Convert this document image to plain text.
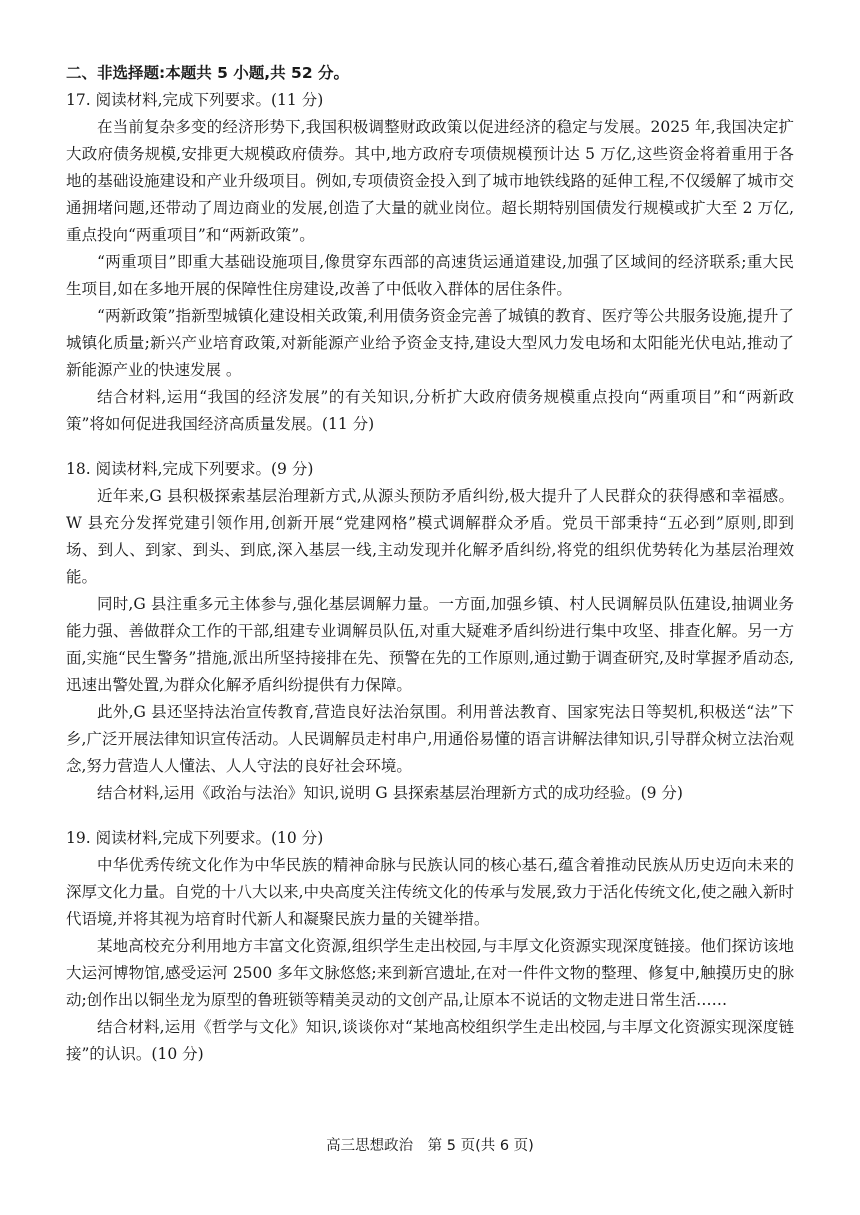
二、非选择题:本题共 5 小题,共 52 分。

17. 阅读材料,完成下列要求。(11 分)

在当前复杂多变的经济形势下,我国积极调整财政政策以促进经济的稳定与发展。2025 年,我国决定扩大政府债务规模,安排更大规模政府债券。其中,地方政府专项债规模预计达 5 万亿,这些资金将着重用于各地的基础设施建设和产业升级项目。例如,专项债资金投入到了城市地铁线路的延伸工程,不仅缓解了城市交通拥堵问题,还带动了周边商业的发展,创造了大量的就业岗位。超长期特别国债发行规模或扩大至 2 万亿,重点投向“两重项目”和“两新政策”。

“两重项目”即重大基础设施项目,像贯穿东西部的高速货运通道建设,加强了区域间的经济联系;重大民生项目,如在多地开展的保障性住房建设,改善了中低收入群体的居住条件。

“两新政策”指新型城镇化建设相关政策,利用债务资金完善了城镇的教育、医疗等公共服务设施,提升了城镇化质量;新兴产业培育政策,对新能源产业给予资金支持,建设大型风力发电场和太阳能光伏电站,推动了新能源产业的快速发展 。

结合材料,运用“我国的经济发展”的有关知识,分析扩大政府债务规模重点投向“两重项目”和“两新政策”将如何促进我国经济高质量发展。(11 分)

18. 阅读材料,完成下列要求。(9 分)

近年来,G 县积极探索基层治理新方式,从源头预防矛盾纠纷,极大提升了人民群众的获得感和幸福感。W 县充分发挥党建引领作用,创新开展“党建网格”模式调解群众矛盾。党员干部秉持“五必到”原则,即到场、到人、到家、到头、到底,深入基层一线,主动发现并化解矛盾纠纷,将党的组织优势转化为基层治理效能。

同时,G 县注重多元主体参与,强化基层调解力量。一方面,加强乡镇、村人民调解员队伍建设,抽调业务能力强、善做群众工作的干部,组建专业调解员队伍,对重大疑难矛盾纠纷进行集中攻坚、排查化解。另一方面,实施“民生警务”措施,派出所坚持接排在先、预警在先的工作原则,通过勤于调查研究,及时掌握矛盾动态,迅速出警处置,为群众化解矛盾纠纷提供有力保障。

此外,G 县还坚持法治宣传教育,营造良好法治氛围。利用普法教育、国家宪法日等契机,积极送“法”下乡,广泛开展法律知识宣传活动。人民调解员走村串户,用通俗易懂的语言讲解法律知识,引导群众树立法治观念,努力营造人人懂法、人人守法的良好社会环境。

结合材料,运用《政治与法治》知识,说明 G 县探索基层治理新方式的成功经验。(9 分)

19. 阅读材料,完成下列要求。(10 分)

中华优秀传统文化作为中华民族的精神命脉与民族认同的核心基石,蕴含着推动民族从历史迈向未来的深厚文化力量。自党的十八大以来,中央高度关注传统文化的传承与发展,致力于活化传统文化,使之融入新时代语境,并将其视为培育时代新人和凝聚民族力量的关键举措。

某地高校充分利用地方丰富文化资源,组织学生走出校园,与丰厚文化资源实现深度链接。他们探访该地大运河博物馆,感受运河 2500 多年文脉悠悠;来到新宫遗址,在对一件件文物的整理、修复中,触摸历史的脉动;创作出以铜坐龙为原型的鲁班锁等精美灵动的文创产品,让原本不说话的文物走进日常生活……

结合材料,运用《哲学与文化》知识,谈谈你对“某地高校组织学生走出校园,与丰厚文化资源实现深度链接”的认识。(10 分)

高三思想政治　第 5 页(共 6 页)
